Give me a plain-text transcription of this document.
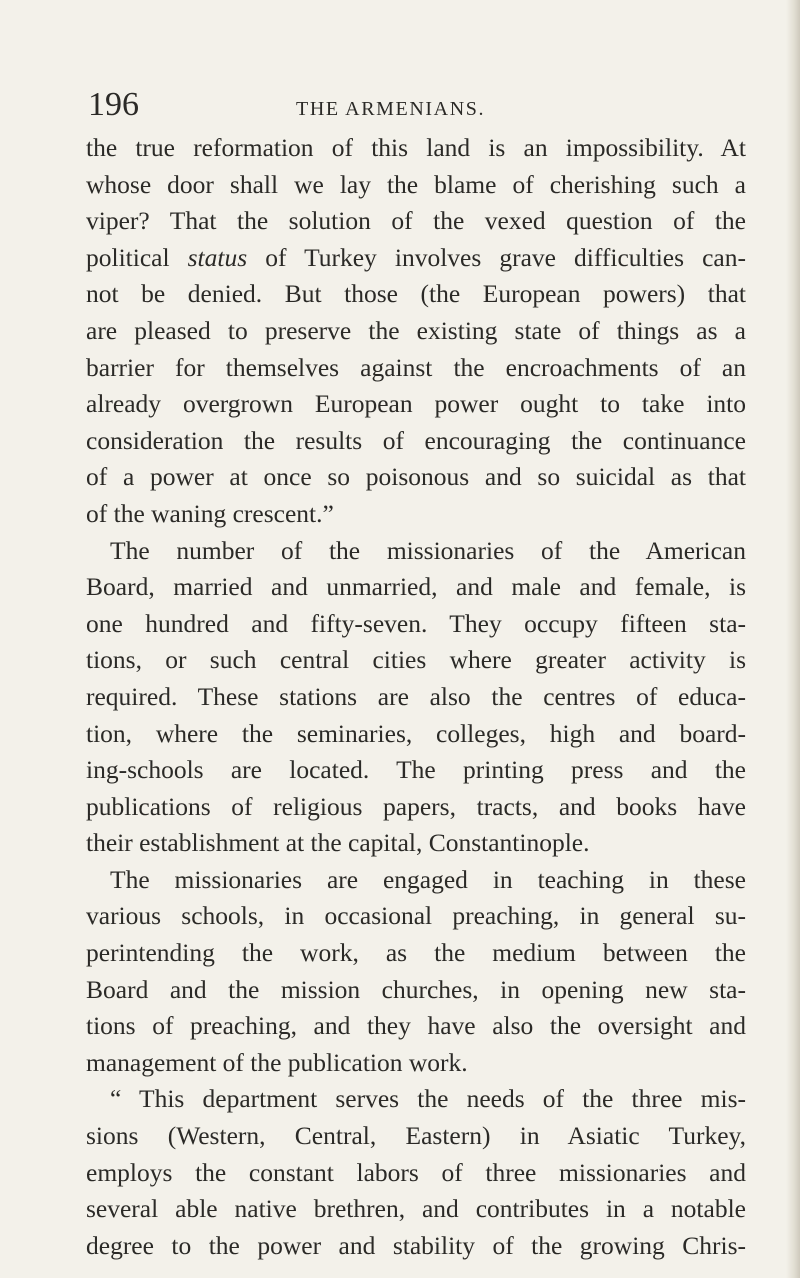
196	THE ARMENIANS.
the true reformation of this land is an impossibility. At
whose door shall we lay the blame of cherishing such a
viper? That the solution of the vexed question of the
political status of Turkey involves grave difficulties can-
not be denied. But those (the European powers) that
are pleased to preserve the existing state of things as a
barrier for themselves against the encroachments of an
already overgrown European power ought to take into
consideration the results of encouraging the continuance
of a power at once so poisonous and so suicidal as that
of the waning crescent.”
The number of the missionaries of the American
Board, married and unmarried, and male and female, is
one hundred and fifty-seven. They occupy fifteen sta-
tions, or such central cities where greater activity is
required. These stations are also the centres of educa-
tion, where the seminaries, colleges, high and board-
ing-schools are located. The printing press and the
publications of religious papers, tracts, and books have
their establishment at the capital, Constantinople.
The missionaries are engaged in teaching in these
various schools, in occasional preaching, in general su-
perintending the work, as the medium between the
Board and the mission churches, in opening new sta-
tions of preaching, and they have also the oversight and
management of the publication work.
“ This department serves the needs of the three mis-
sions (Western, Central, Eastern) in Asiatic Turkey,
employs the constant labors of three missionaries and
several able native brethren, and contributes in a notable
degree to the power and stability of the growing Chris-
